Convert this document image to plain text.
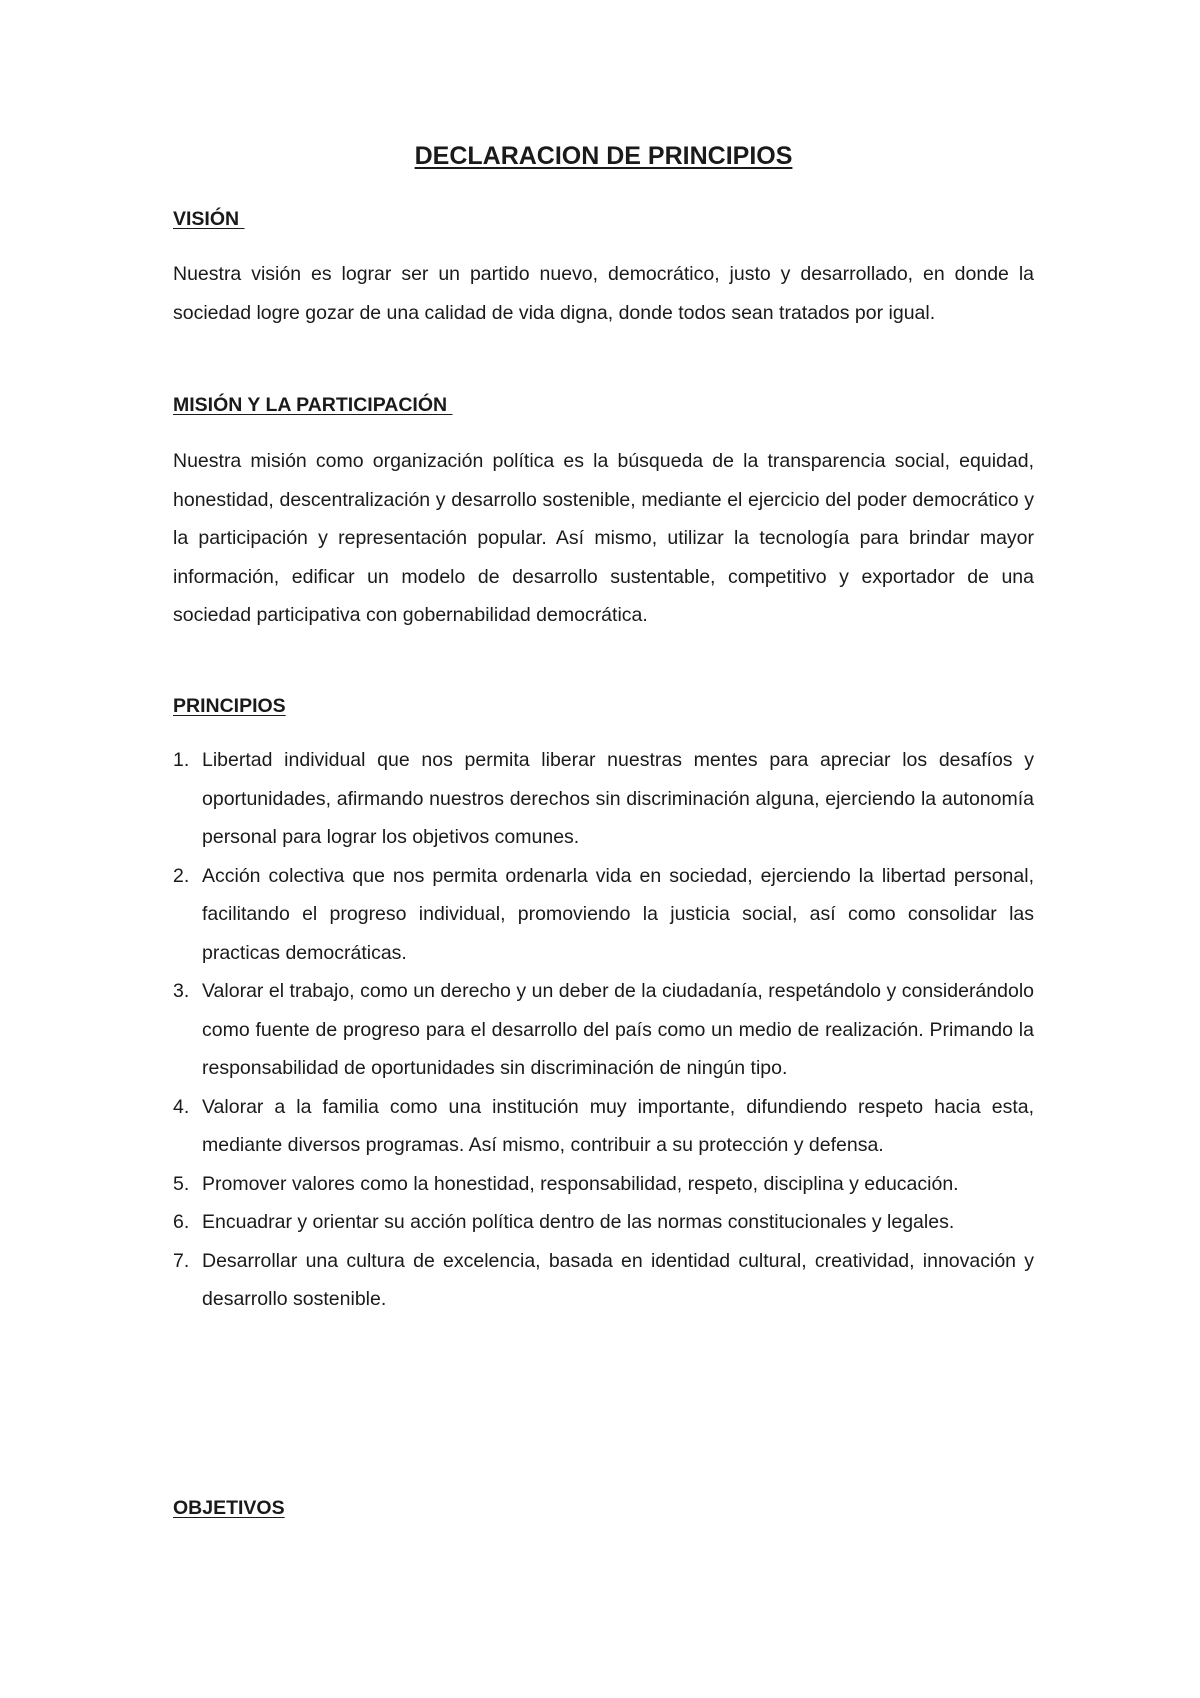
DECLARACION DE PRINCIPIOS
VISIÓN

Nuestra visión es lograr ser un partido nuevo, democrático, justo y desarrollado, en donde la sociedad logre gozar de una calidad de vida digna, donde todos sean tratados por igual.

MISIÓN Y LA PARTICIPACIÓN

Nuestra misión como organización política es la búsqueda de la transparencia social, equidad, honestidad, descentralización y desarrollo sostenible, mediante el ejercicio del poder democrático y la participación y representación popular. Así mismo, utilizar la tecnología para brindar mayor información, edificar un modelo de desarrollo sustentable, competitivo y exportador de una sociedad participativa con gobernabilidad democrática.

PRINCIPIOS
1. Libertad individual que nos permita liberar nuestras mentes para apreciar los desafíos y oportunidades, afirmando nuestros derechos sin discriminación alguna, ejerciendo la autonomía personal para lograr los objetivos comunes.
2. Acción colectiva que nos permita ordenarla vida en sociedad, ejerciendo la libertad personal, facilitando el progreso individual, promoviendo la justicia social, así como consolidar las practicas democráticas.
3. Valorar el trabajo, como un derecho y un deber de la ciudadanía, respetándolo y considerándolo como fuente de progreso para el desarrollo del país como un medio de realización. Primando la responsabilidad de oportunidades sin discriminación de ningún tipo.
4. Valorar a la familia como una institución muy importante, difundiendo respeto hacia esta, mediante diversos programas. Así mismo, contribuir a su protección y defensa.
5. Promover valores como la honestidad, responsabilidad, respeto, disciplina y educación.
6. Encuadrar y orientar su acción política dentro de las normas constitucionales y legales.
7. Desarrollar una cultura de excelencia, basada en identidad cultural, creatividad, innovación y desarrollo sostenible.
OBJETIVOS
